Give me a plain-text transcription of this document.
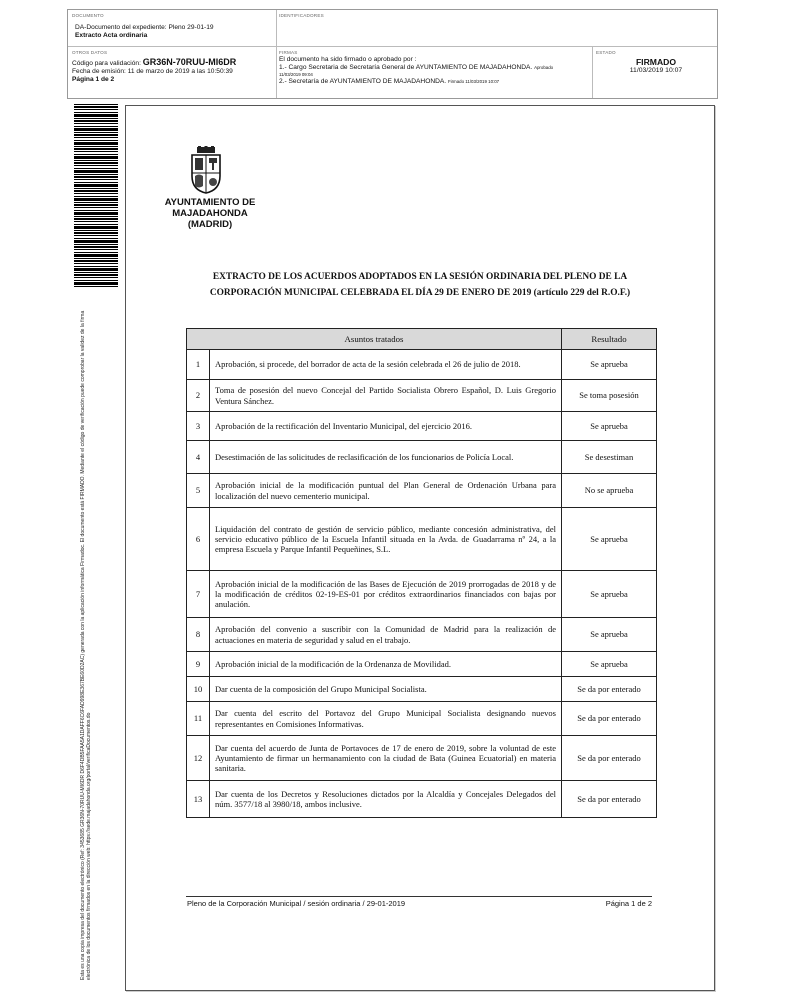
DOCUMENTO
DA-Documento del expediente: Pleno 29-01-19
Extracto Acta ordinaria
IDENTIFICADORES
OTROS DATOS
Código para validación: GR36N-70RUU-MI6DR
Fecha de emisión: 11 de marzo de 2019 a las 10:50:39
Página 1 de 2
FIRMAS
El documento ha sido firmado o aprobado por :
1.- Cargo Secretaria de Secretaría General de AYUNTAMIENTO DE MAJADAHONDA. Aprobado
11/03/2019 09:04
2.- Secretaría de AYUNTAMIENTO DE MAJADAHONDA. Firmado 11/03/2019 10:07
ESTADO
FIRMADO
11/03/2019 10:07
Esta es una copia impresa del documento electrónico (Ref: 3453685 GR36N-70RUU-MI6DR D6F4DB5FAA5A1DAFF6C6FAD998E367BE60D2AC) generada con la aplicación informática Firmadoc. El documento está FIRMADO. Mediante el código de verificación puede comprobar la validez de la firma electrónica de los documentos firmados en la dirección web: https://sede.majadahonda.org/portal/verificaDocumentos.do
AYUNTAMIENTO DE
MAJADAHONDA
(MADRID)
EXTRACTO DE LOS ACUERDOS ADOPTADOS EN LA SESIÓN ORDINARIA DEL PLENO DE LA
CORPORACIÓN MUNICIPAL CELEBRADA EL DÍA 29 DE ENERO DE 2019 (artículo 229 del R.O.F.)
Asuntos tratados		Resultado
1	Aprobación, si procede, del borrador de acta de la sesión celebrada el 26 de julio de 2018.	Se aprueba
2	Toma de posesión del nuevo Concejal del Partido Socialista Obrero Español, D. Luis Gregorio Ventura Sánchez.	Se toma posesión
3	Aprobación de la rectificación del Inventario Municipal, del ejercicio 2016.	Se aprueba
4	Desestimación de las solicitudes de reclasificación de los funcionarios de Policía Local.	Se desestiman
5	Aprobación inicial de la modificación puntual del Plan General de Ordenación Urbana para localización del nuevo cementerio municipal.	No se aprueba
6	Liquidación del contrato de gestión de servicio público, mediante concesión administrativa, del servicio educativo público de la Escuela Infantil situada en la Avda. de Guadarrama nº 24, a la empresa Escuela y Parque Infantil Pequeñines, S.L.	Se aprueba
7	Aprobación inicial de la modificación de las Bases de Ejecución de 2019 prorrogadas de 2018 y de la modificación de créditos 02-19-ES-01 por créditos extraordinarios financiados con bajas por anulación.	Se aprueba
8	Aprobación del convenio a suscribir con la Comunidad de Madrid para la realización de actuaciones en materia de seguridad y salud en el trabajo.	Se aprueba
9	Aprobación inicial de la modificación de la Ordenanza de Movilidad.	Se aprueba
10	Dar cuenta de la composición del Grupo Municipal Socialista.	Se da por enterado
11	Dar cuenta del escrito del Portavoz del Grupo Municipal Socialista designando nuevos representantes en Comisiones Informativas.	Se da por enterado
12	Dar cuenta del acuerdo de Junta de Portavoces de 17 de enero de 2019, sobre la voluntad de este Ayuntamiento de firmar un hermanamiento con la ciudad de Bata (Guinea Ecuatorial) en materia sanitaria.	Se da por enterado
13	Dar cuenta de los Decretos y Resoluciones dictados por la Alcaldía y Concejales Delegados del núm. 3577/18 al 3980/18, ambos inclusive.	Se da por enterado
Pleno de la Corporación Municipal / sesión ordinaria / 29-01-2019	Página 1 de 2
